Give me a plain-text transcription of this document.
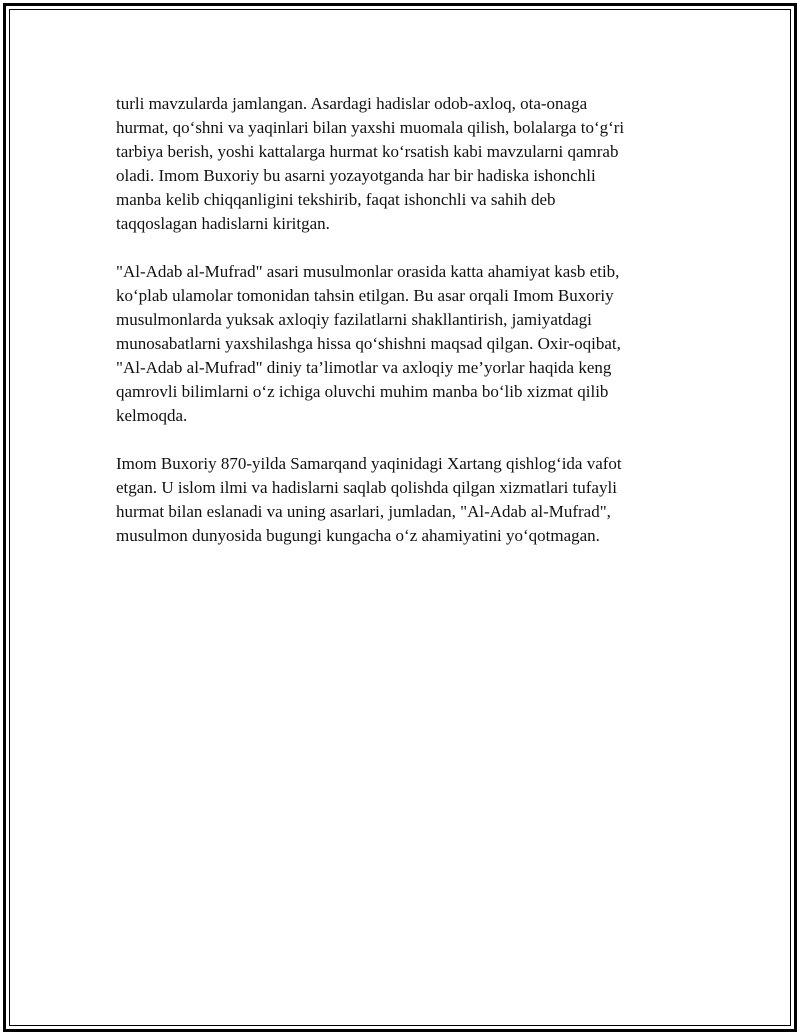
turli mavzularda jamlangan. Asardagi hadislar odob-axloq, ota-onaga
hurmat, qo‘shni va yaqinlari bilan yaxshi muomala qilish, bolalarga to‘g‘ri
tarbiya berish, yoshi kattalarga hurmat ko‘rsatish kabi mavzularni qamrab
oladi. Imom Buxoriy bu asarni yozayotganda har bir hadiska ishonchli
manba kelib chiqqanligini tekshirib, faqat ishonchli va sahih deb
taqqoslagan hadislarni kiritgan.

"Al-Adab al-Mufrad" asari musulmonlar orasida katta ahamiyat kasb etib,
ko‘plab ulamolar tomonidan tahsin etilgan. Bu asar orqali Imom Buxoriy
musulmonlarda yuksak axloqiy fazilatlarni shakllantirish, jamiyatdagi
munosabatlarni yaxshilashga hissa qo‘shishni maqsad qilgan. Oxir-oqibat,
"Al-Adab al-Mufrad" diniy ta’limotlar va axloqiy me’yorlar haqida keng
qamrovli bilimlarni o‘z ichiga oluvchi muhim manba bo‘lib xizmat qilib
kelmoqda.

Imom Buxoriy 870-yilda Samarqand yaqinidagi Xartang qishlog‘ida vafot
etgan. U islom ilmi va hadislarni saqlab qolishda qilgan xizmatlari tufayli
hurmat bilan eslanadi va uning asarlari, jumladan, "Al-Adab al-Mufrad",
musulmon dunyosida bugungi kungacha o‘z ahamiyatini yo‘qotmagan.
